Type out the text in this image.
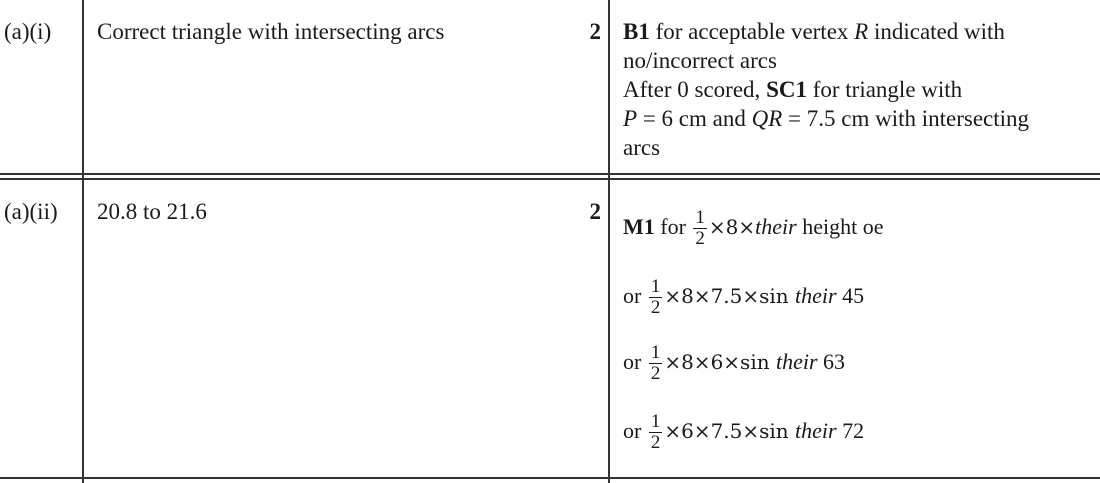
(a)(i) Correct triangle with intersecting arcs	2 B1 for acceptable vertex R indicated with
no/incorrect arcs
After 0 scored, SC1 for triangle with
P = 6 cm and QR = 7.5 cm with intersecting
arcs
(a)(ii) 20.8 to 21.6	2
M1 for $\frac{1}{2}$ ×8×their height oe
or $\frac{1}{2} \times 8\times 7.5\times\sin$ their 45
or $\frac{1}{2} \times 8\times 6\times\sin$ their 63
or $\frac{1}{2} \times 6\times 7.5\times\sin$ their 72
